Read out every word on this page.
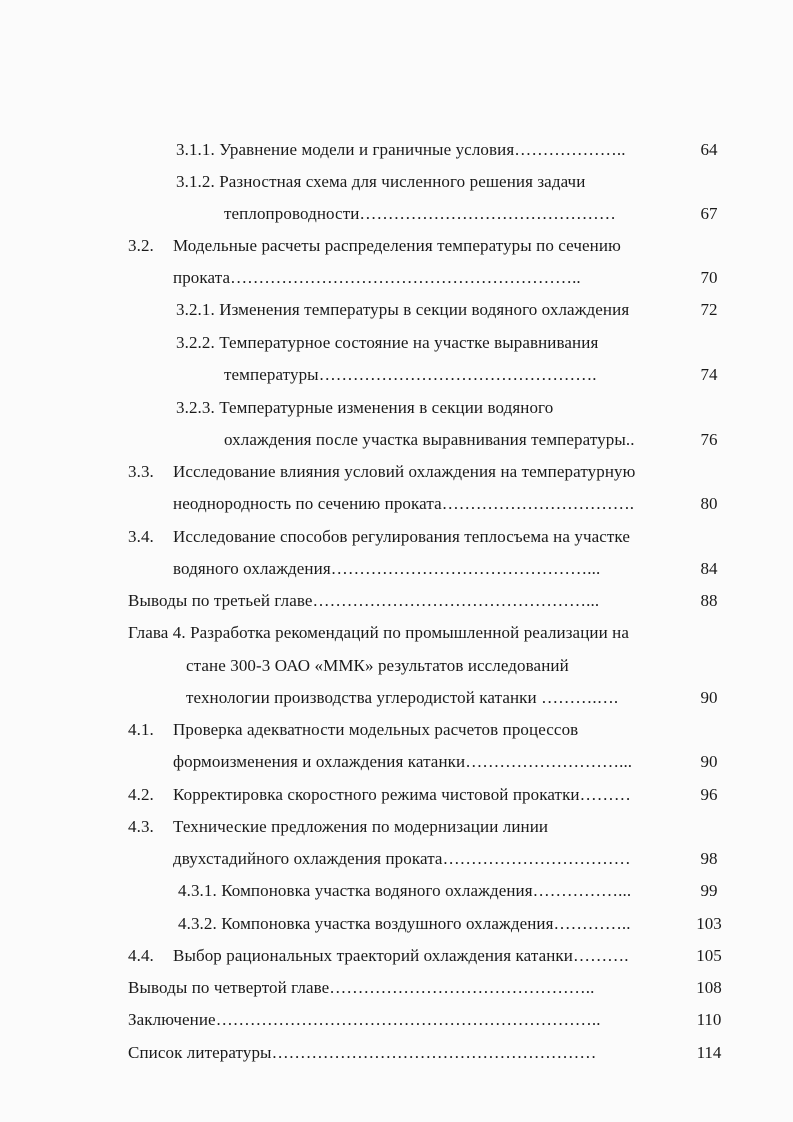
3.1.1. Уравнение модели и граничные условия………………..	64
3.1.2. Разностная схема для численного решения задачи
теплопроводности………………………………………	67
3.2. Модельные расчеты распределения температуры по сечению
проката……………………………………………………..	70
3.2.1. Изменения температуры в секции водяного охлаждения	72
3.2.2. Температурное состояние на участке выравнивания
температуры………………………………………….	74
3.2.3. Температурные изменения в секции водяного
охлаждения после участка выравнивания температуры..	76
3.3. Исследование влияния условий охлаждения на температурную
неоднородность по сечению проката…………………………….	80
3.4. Исследование способов регулирования теплосъема на участке
водяного охлаждения………………………………………...	84
Выводы по третьей главе…………………………………………...	88
Глава 4. Разработка рекомендаций по промышленной реализации на
стане 300-3 ОАО «ММК» результатов исследований
технологии производства углеродистой катанки ……….….	90
4.1. Проверка адекватности модельных расчетов процессов
формоизменения и охлаждения катанки………………………...	90
4.2. Корректировка скоростного режима чистовой прокатки………	96
4.3. Технические предложения по модернизации линии
двухстадийного охлаждения проката……………………………	98
4.3.1. Компоновка участка водяного охлаждения……………...	99
4.3.2. Компоновка участка воздушного охлаждения…………..	103
4.4. Выбор рациональных траекторий охлаждения катанки……….	105
Выводы по четвертой главе………………………………………..	108
Заключение…………………………………………………………..	110
Список литературы…………………………………………………	114
